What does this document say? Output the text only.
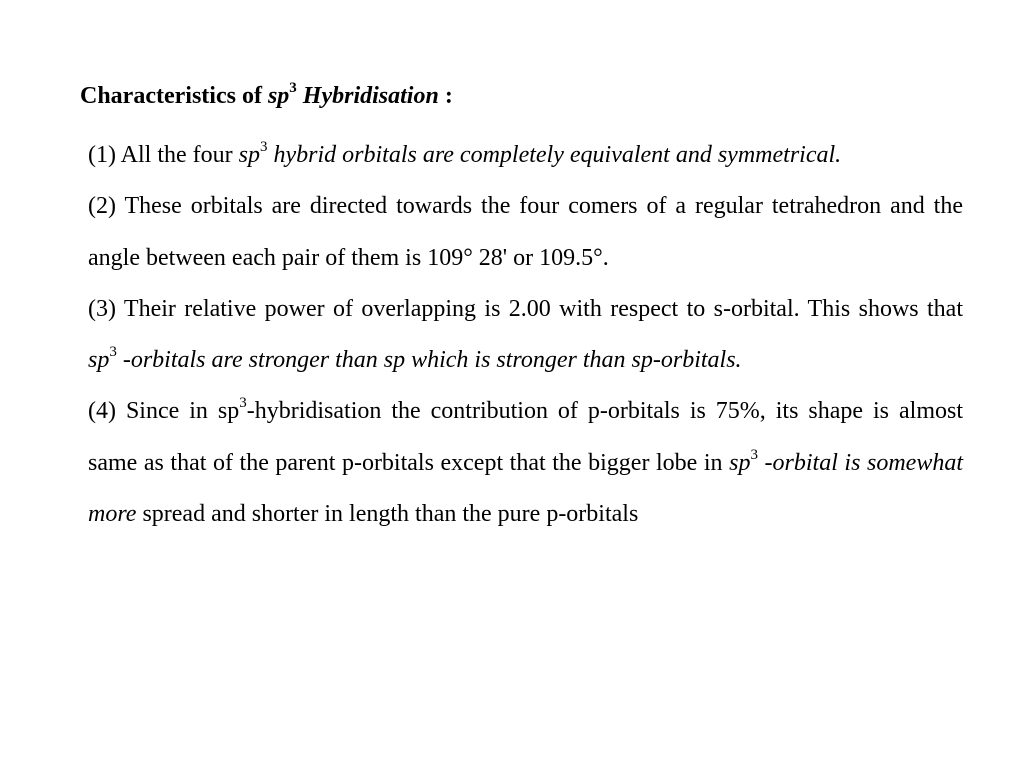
Characteristics of $sp^3$ Hybridisation :

(1) All the four $sp^3$ hybrid orbitals are completely equivalent and symmetrical.

(2) These orbitals are directed towards the four comers of a regular tetrahedron and the angle between each pair of them is 109° 28' or 109.5°.

(3) Their relative power of overlapping is 2.00 with respect to s-orbital. This shows that $sp^3$ -orbitals are stronger than sp which is stronger than sp-orbitals.

(4) Since in $sp^3$-hybridisation the contribution of p-orbitals is 75%, its shape is almost same as that of the parent p-orbitals except that the bigger lobe in $sp^3$ -orbital is somewhat more spread and shorter in length than the pure p-orbitals
